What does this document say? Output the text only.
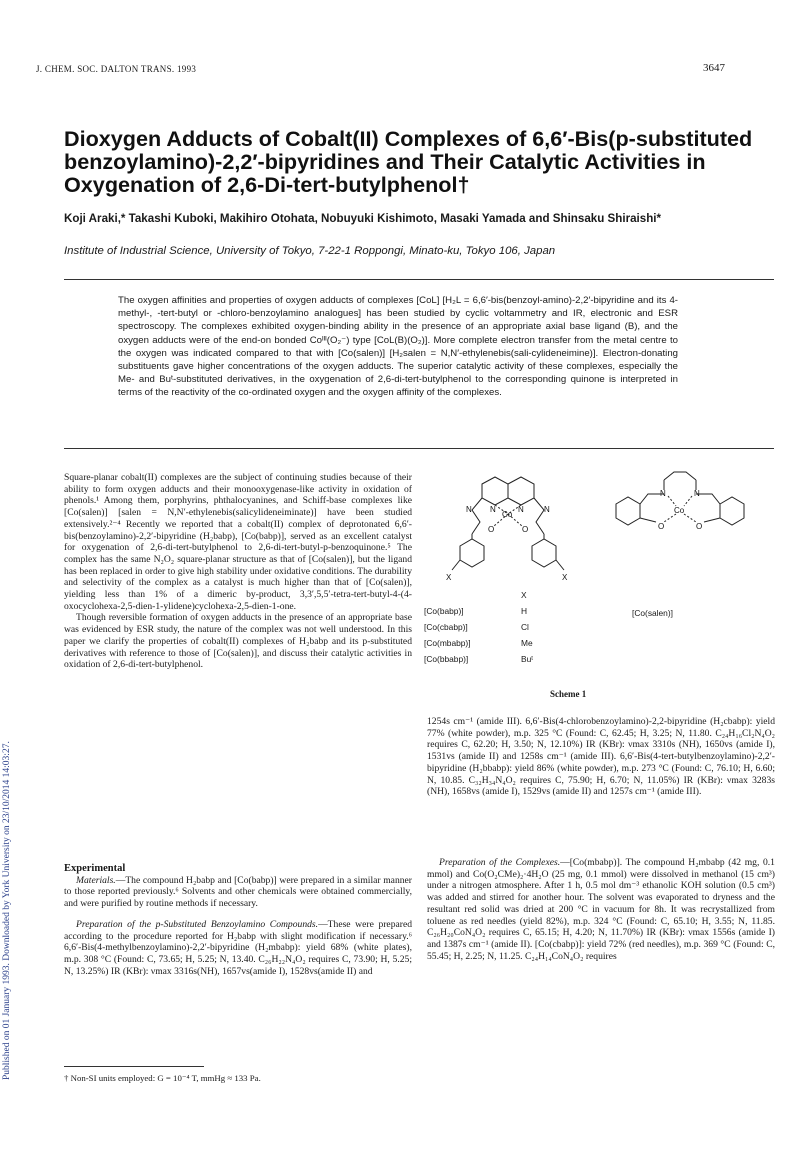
J. CHEM. SOC. DALTON TRANS. 1993	3647
Published on 01 January 1993. Downloaded by York University on 23/10/2014 14:03:27.
Dioxygen Adducts of Cobalt(II) Complexes of 6,6′-Bis(p-substituted benzoylamino)-2,2′-bipyridines and Their Catalytic Activities in Oxygenation of 2,6-Di-tert-butylphenol†
Koji Araki,* Takashi Kuboki, Makihiro Otohata, Nobuyuki Kishimoto, Masaki Yamada and Shinsaku Shiraishi*
Institute of Industrial Science, University of Tokyo, 7-22-1 Roppongi, Minato-ku, Tokyo 106, Japan
The oxygen affinities and properties of oxygen adducts of complexes [CoL] [H₂L = 6,6′-bis(benzoyl-amino)-2,2′-bipyridine and its 4-methyl-, -tert-butyl or -chloro-benzoylamino analogues] has been studied by cyclic voltammetry and IR, electronic and ESR spectroscopy. The complexes exhibited oxygen-binding ability in the presence of an appropriate axial base ligand (B), and the oxygen adducts were of the end-on bonded Coᴵᴵᴵ(O₂⁻) type [CoL(B)(O₂)]. More complete electron transfer from the metal centre to the oxygen was indicated compared to that with [Co(salen)] [H₂salen = N,N′-ethylenebis(sali-cylideneimine)]. Electron-donating substituents gave higher concentrations of the oxygen adducts. The superior catalytic activity of these complexes, especially the Me- and Buᵗ-substituted derivatives, in the oxygenation of 2,6-di-tert-butylphenol to the corresponding quinone is interpreted in terms of the reactivity of the co-ordinated oxygen and the oxygen affinity of the complexes.

Square-planar cobalt(II) complexes are the subject of continuing studies because of their ability to form oxygen adducts and their monooxygenase-like activity in oxidation of phenols.¹ Among them, porphyrins, phthalocyanines, and Schiff-base complexes like [Co(salen)] [salen = N,N′-ethylenebis(salicylideneiminate)] have been studied extensively.²⁻⁴ Recently we reported that a cobalt(II) complex of deprotonated 6,6′-bis(benzoylamino)-2,2′-bipyridine (H₂babp), [Co(babp)], served as an excellent catalyst for oxygenation of 2,6-di-tert-butylphenol to 2,6-di-tert-butyl-p-benzoquinone.⁵ The complex has the same N₂O₂ square-planar structure as that of [Co(salen)], but the ligand has been replaced in order to give high stability under oxidative conditions. The durability and selectivity of the complex as a catalyst is much higher than that of [Co(salen)], yielding less than 1% of a dimeric by-product, 3,3′,5,5′-tetra-tert-butyl-4-(4-oxocyclohexa-2,5-dien-1-ylidene)cyclohexa-2,5-dien-1-one.

Though reversible formation of oxygen adducts in the presence of an appropriate base was evidenced by ESR study, the nature of the complex was not well understood. In this paper we clarify the properties of cobalt(II) complexes of H₂babp and its p-substituted derivatives with reference to those of [Co(salen)], and discuss their catalytic activities in oxidation of 2,6-di-tert-butylphenol.

Experimental

Materials.—The compound H₂babp and [Co(babp)] were prepared in a similar manner to those reported previously.⁶ Solvents and other chemicals were obtained commercially, and were purified by routine methods if necessary.

Preparation of the p-Substituted Benzoylamino Compounds.—These were prepared according to the procedure reported for H₂babp with slight modification if necessary.⁶ 6,6′-Bis(4-methylbenzoylamino)-2,2′-bipyridine (H₂mbabp): yield 68% (white plates), m.p. 308 °C (Found: C, 73.65; H, 5.25; N, 13.40. C₂₆H₂₂N₄O₂ requires C, 73.90; H, 5.25; N, 13.25%) IR (KBr): νmax 3316s(NH), 1657vs(amide I), 1528vs(amide II) and

† Non-SI units employed: G = 10⁻⁴ T, mmHg ≈ 133 Pa.
Co
N	N
N	N
O	O
X	X
Co
N	N
O	O
X
[Co(salen)]
[Co(babp)]	H
[Co(cbabp)]	Cl
[Co(mbabp)]	Me
[Co(bbabp)]	Buᵗ
Scheme 1

1254s cm⁻¹ (amide III). 6,6′-Bis(4-chlorobenzoylamino)-2,2-bipyridine (H₂cbabp): yield 77% (white powder), m.p. 325 °C (Found: C, 62.45; H, 3.25; N, 11.80. C₂₄H₁₆Cl₂N₄O₂ requires C, 62.20; H, 3.50; N, 12.10%) IR (KBr): νmax 3310s (NH), 1650vs (amide I), 1531vs (amide II) and 1258s cm⁻¹ (amide III). 6,6′-Bis(4-tert-butylbenzoylamino)-2,2′-bipyridine (H₂bbabp): yield 86% (white powder), m.p. 273 °C (Found: C, 76.10; H, 6.60; N, 10.85. C₃₂H₃₄N₄O₂ requires C, 75.90; H, 6.70; N, 11.05%) IR (KBr): νmax 3283s (NH), 1658vs (amide I), 1529vs (amide II) and 1257s cm⁻¹ (amide III).

Preparation of the Complexes.—[Co(mbabp)]. The compound H₂mbabp (42 mg, 0.1 mmol) and Co(O₂CMe)₂·4H₂O (25 mg, 0.1 mmol) were dissolved in methanol (15 cm³) under a nitrogen atmosphere. After 1 h, 0.5 mol dm⁻³ ethanolic KOH solution (0.5 cm³) was added and stirred for another hour. The solvent was evaporated to dryness and the resultant red solid was dried at 200 °C in vacuum for 8h. It was recrystallized from toluene as red needles (yield 82%), m.p. 324 °C (Found: C, 65.10; H, 3.55; N, 11.85. C₂₆H₂₀CoN₄O₂ requires C, 65.15; H, 4.20; N, 11.70%) IR (KBr): νmax 1556s (amide I) and 1387s cm⁻¹ (amide II). [Co(cbabp)]: yield 72% (red needles), m.p. 369 °C (Found: C, 55.45; H, 2.25; N, 11.25. C₂₄H₁₄CoN₄O₂ requires
